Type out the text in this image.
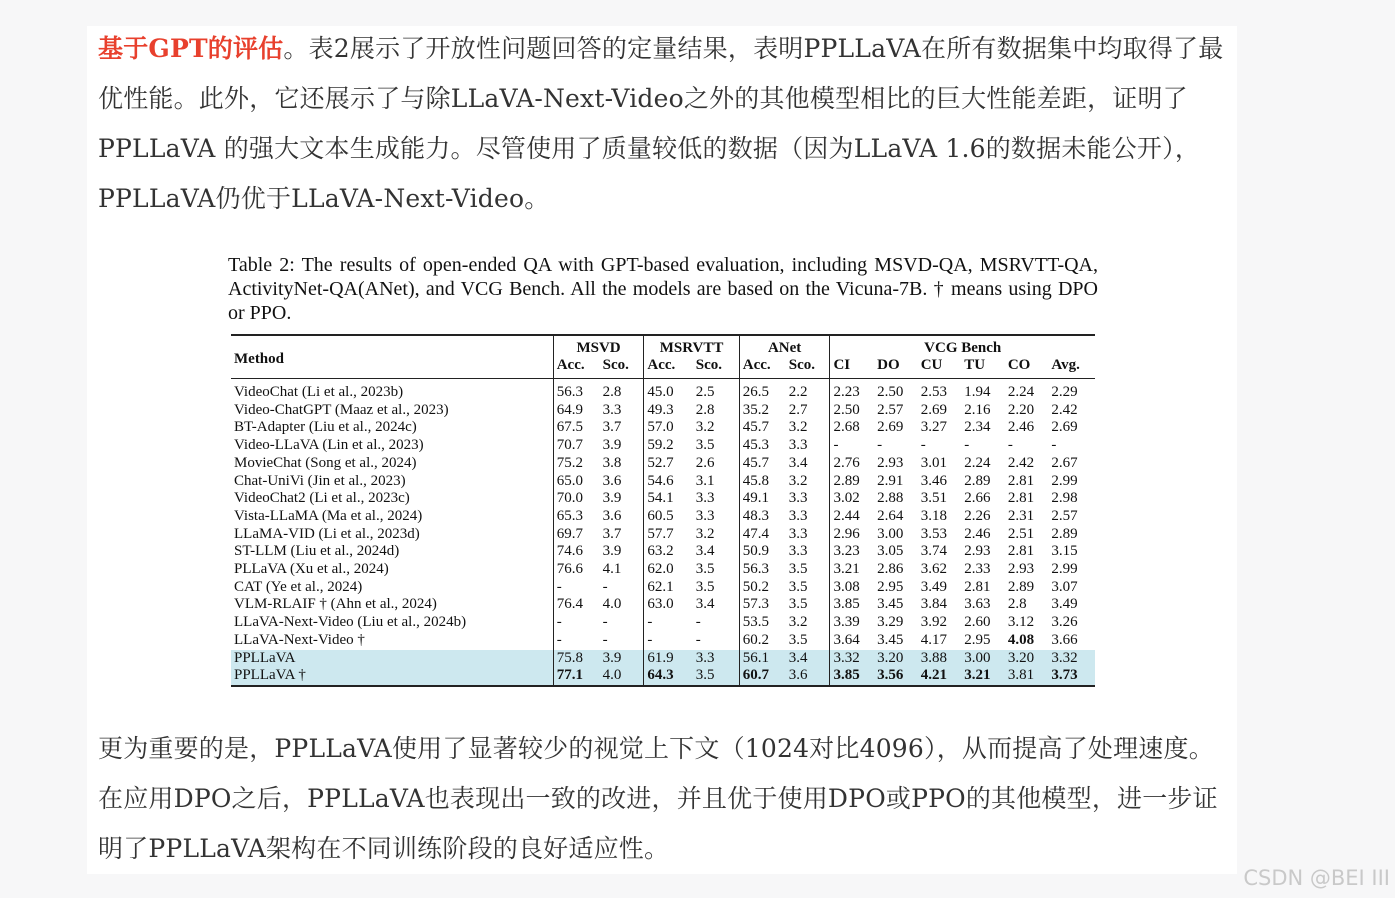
基于GPT的评估。表2展示了开放性问题回答的定量结果，表明PPLLaVA在所有数据集中均取得了最优性能。此外，它还展示了与除LLaVA-Next-Video之外的其他模型相比的巨大性能差距，证明了PPLLaVA 的强大文本生成能力。尽管使用了质量较低的数据（因为LLaVA 1.6的数据未能公开），PPLLaVA仍优于LLaVA-Next-Video。

Table 2: The results of open-ended QA with GPT-based evaluation, including MSVD-QA, MSRVTT-QA, ActivityNet-QA(ANet), and VCG Bench. All the models are based on the Vicuna-7B. † means using DPO or PPO.

Method	MSVD		MSRVTT		ANet		VCG Bench					
	Acc.	Sco.	Acc.	Sco.	Acc.	Sco.	CI	DO	CU	TU	CO	Avg.
VideoChat (Li et al., 2023b)	56.3	2.8	45.0	2.5	26.5	2.2	2.23	2.50	2.53	1.94	2.24	2.29
Video-ChatGPT (Maaz et al., 2023)	64.9	3.3	49.3	2.8	35.2	2.7	2.50	2.57	2.69	2.16	2.20	2.42
BT-Adapter (Liu et al., 2024c)	67.5	3.7	57.0	3.2	45.7	3.2	2.68	2.69	3.27	2.34	2.46	2.69
Video-LLaVA (Lin et al., 2023)	70.7	3.9	59.2	3.5	45.3	3.3	-	-	-	-	-	-
MovieChat (Song et al., 2024)	75.2	3.8	52.7	2.6	45.7	3.4	2.76	2.93	3.01	2.24	2.42	2.67
Chat-UniVi (Jin et al., 2023)	65.0	3.6	54.6	3.1	45.8	3.2	2.89	2.91	3.46	2.89	2.81	2.99
VideoChat2 (Li et al., 2023c)	70.0	3.9	54.1	3.3	49.1	3.3	3.02	2.88	3.51	2.66	2.81	2.98
Vista-LLaMA (Ma et al., 2024)	65.3	3.6	60.5	3.3	48.3	3.3	2.44	2.64	3.18	2.26	2.31	2.57
LLaMA-VID (Li et al., 2023d)	69.7	3.7	57.7	3.2	47.4	3.3	2.96	3.00	3.53	2.46	2.51	2.89
ST-LLM (Liu et al., 2024d)	74.6	3.9	63.2	3.4	50.9	3.3	3.23	3.05	3.74	2.93	2.81	3.15
PLLaVA (Xu et al., 2024)	76.6	4.1	62.0	3.5	56.3	3.5	3.21	2.86	3.62	2.33	2.93	2.99
CAT (Ye et al., 2024)	-	-	62.1	3.5	50.2	3.5	3.08	2.95	3.49	2.81	2.89	3.07
VLM-RLAIF † (Ahn et al., 2024)	76.4	4.0	63.0	3.4	57.3	3.5	3.85	3.45	3.84	3.63	2.8	3.49
LLaVA-Next-Video (Liu et al., 2024b)	-	-	-	-	53.5	3.2	3.39	3.29	3.92	2.60	3.12	3.26
LLaVA-Next-Video †	-	-	-	-	60.2	3.5	3.64	3.45	4.17	2.95	4.08	3.66
PPLLaVA	75.8	3.9	61.9	3.3	56.1	3.4	3.32	3.20	3.88	3.00	3.20	3.32
PPLLaVA †	77.1	4.0	64.3	3.5	60.7	3.6	3.85	3.56	4.21	3.21	3.81	3.73

更为重要的是，PPLLaVA使用了显著较少的视觉上下文（1024对比4096），从而提高了处理速度。在应用DPO之后，PPLLaVA也表现出一致的改进，并且优于使用DPO或PPO的其他模型，进一步证明了PPLLaVA架构在不同训练阶段的良好适应性。

CSDN @BEI III
